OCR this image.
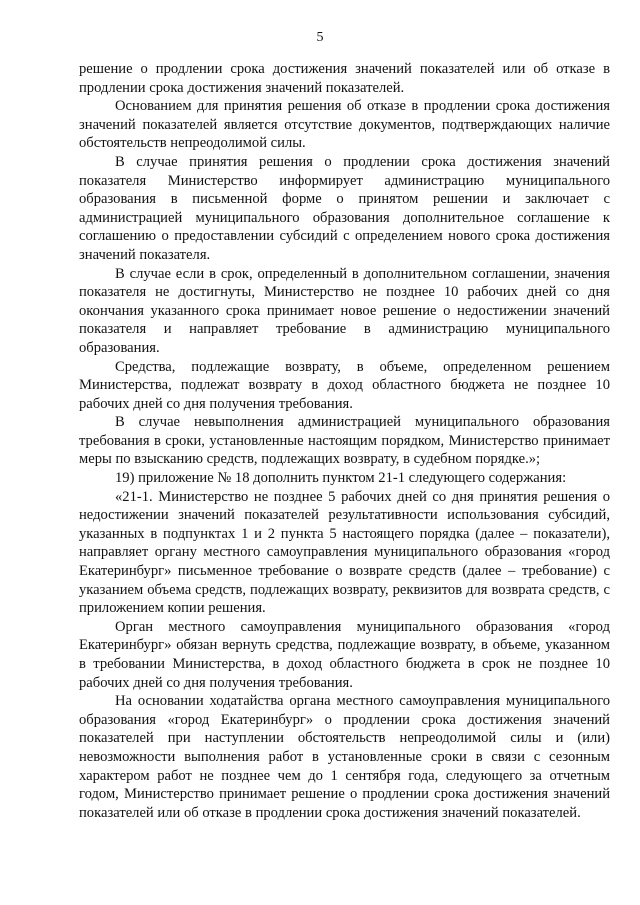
5

решение о продлении срока достижения значений показателей или об отказе в продлении срока достижения значений показателей.

Основанием для принятия решения об отказе в продлении срока достижения значений показателей является отсутствие документов, подтверждающих наличие обстоятельств непреодолимой силы.

В случае принятия решения о продлении срока достижения значений показателя Министерство информирует администрацию муниципального образования в письменной форме о принятом решении и заключает с администрацией муниципального образования дополнительное соглашение к соглашению о предоставлении субсидий с определением нового срока достижения значений показателя.

В случае если в срок, определенный в дополнительном соглашении, значения показателя не достигнуты, Министерство не позднее 10 рабочих дней со дня окончания указанного срока принимает новое решение о недостижении значений показателя и направляет требование в администрацию муниципального образования.

Средства, подлежащие возврату, в объеме, определенном решением Министерства, подлежат возврату в доход областного бюджета не позднее 10 рабочих дней со дня получения требования.

В случае невыполнения администрацией муниципального образования требования в сроки, установленные настоящим порядком, Министерство принимает меры по взысканию средств, подлежащих возврату, в судебном порядке.»;

19) приложение № 18 дополнить пунктом 21-1 следующего содержания:

«21-1. Министерство не позднее 5 рабочих дней со дня принятия решения о недостижении значений показателей результативности использования субсидий, указанных в подпунктах 1 и 2 пункта 5 настоящего порядка (далее – показатели), направляет органу местного самоуправления муниципального образования «город Екатеринбург» письменное требование о возврате средств (далее – требование) с указанием объема средств, подлежащих возврату, реквизитов для возврата средств, с приложением копии решения.

Орган местного самоуправления муниципального образования «город Екатеринбург» обязан вернуть средства, подлежащие возврату, в объеме, указанном в требовании Министерства, в доход областного бюджета в срок не позднее 10 рабочих дней со дня получения требования.

На основании ходатайства органа местного самоуправления муниципального образования «город Екатеринбург» о продлении срока достижения значений показателей при наступлении обстоятельств непреодолимой силы и (или) невозможности выполнения работ в установленные сроки в связи с сезонным характером работ не позднее чем до 1 сентября года, следующего за отчетным годом, Министерство принимает решение о продлении срока достижения значений показателей или об отказе в продлении срока достижения значений показателей.
